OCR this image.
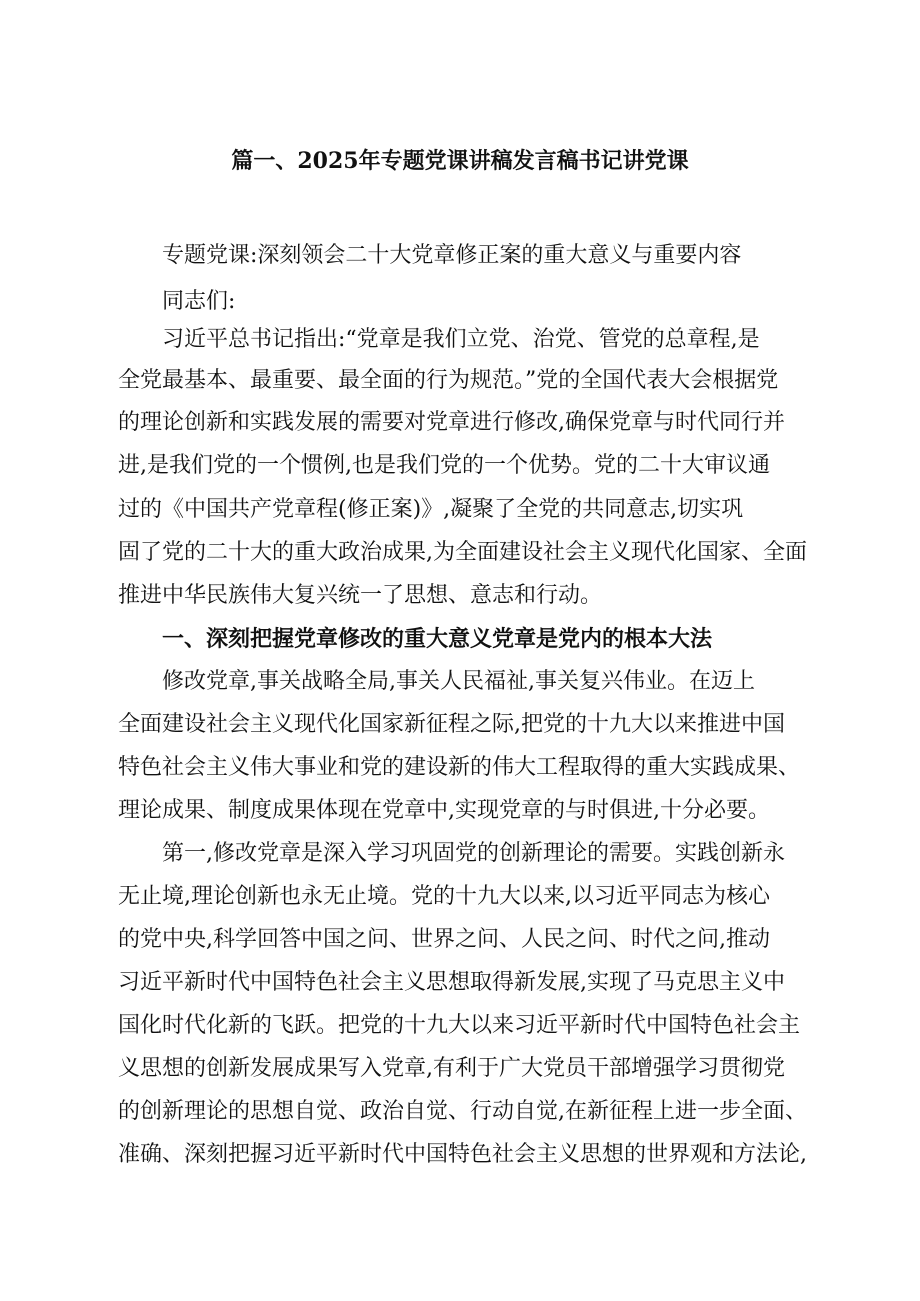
篇一、2025年专题党课讲稿发言稿书记讲党课
专题党课:深刻领会二十大党章修正案的重大意义与重要内容
同志们:
习近平总书记指出:“党章是我们立党、治党、管党的总章程,是
全党最基本、最重要、最全面的行为规范。”党的全国代表大会根据党
的理论创新和实践发展的需要对党章进行修改,确保党章与时代同行并
进,是我们党的一个惯例,也是我们党的一个优势。党的二十大审议通
过的《中国共产党章程(修正案)》,凝聚了全党的共同意志,切实巩
固了党的二十大的重大政治成果,为全面建设社会主义现代化国家、全面
推进中华民族伟大复兴统一了思想、意志和行动。
一、深刻把握党章修改的重大意义党章是党内的根本大法
修改党章,事关战略全局,事关人民福祉,事关复兴伟业。在迈上
全面建设社会主义现代化国家新征程之际,把党的十九大以来推进中国
特色社会主义伟大事业和党的建设新的伟大工程取得的重大实践成果、
理论成果、制度成果体现在党章中,实现党章的与时俱进,十分必要。
第一,修改党章是深入学习巩固党的创新理论的需要。实践创新永
无止境,理论创新也永无止境。党的十九大以来,以习近平同志为核心
的党中央,科学回答中国之问、世界之问、人民之问、时代之问,推动
习近平新时代中国特色社会主义思想取得新发展,实现了马克思主义中
国化时代化新的飞跃。把党的十九大以来习近平新时代中国特色社会主
义思想的创新发展成果写入党章,有利于广大党员干部增强学习贯彻党
的创新理论的思想自觉、政治自觉、行动自觉,在新征程上进一步全面、
准确、深刻把握习近平新时代中国特色社会主义思想的世界观和方法论,
